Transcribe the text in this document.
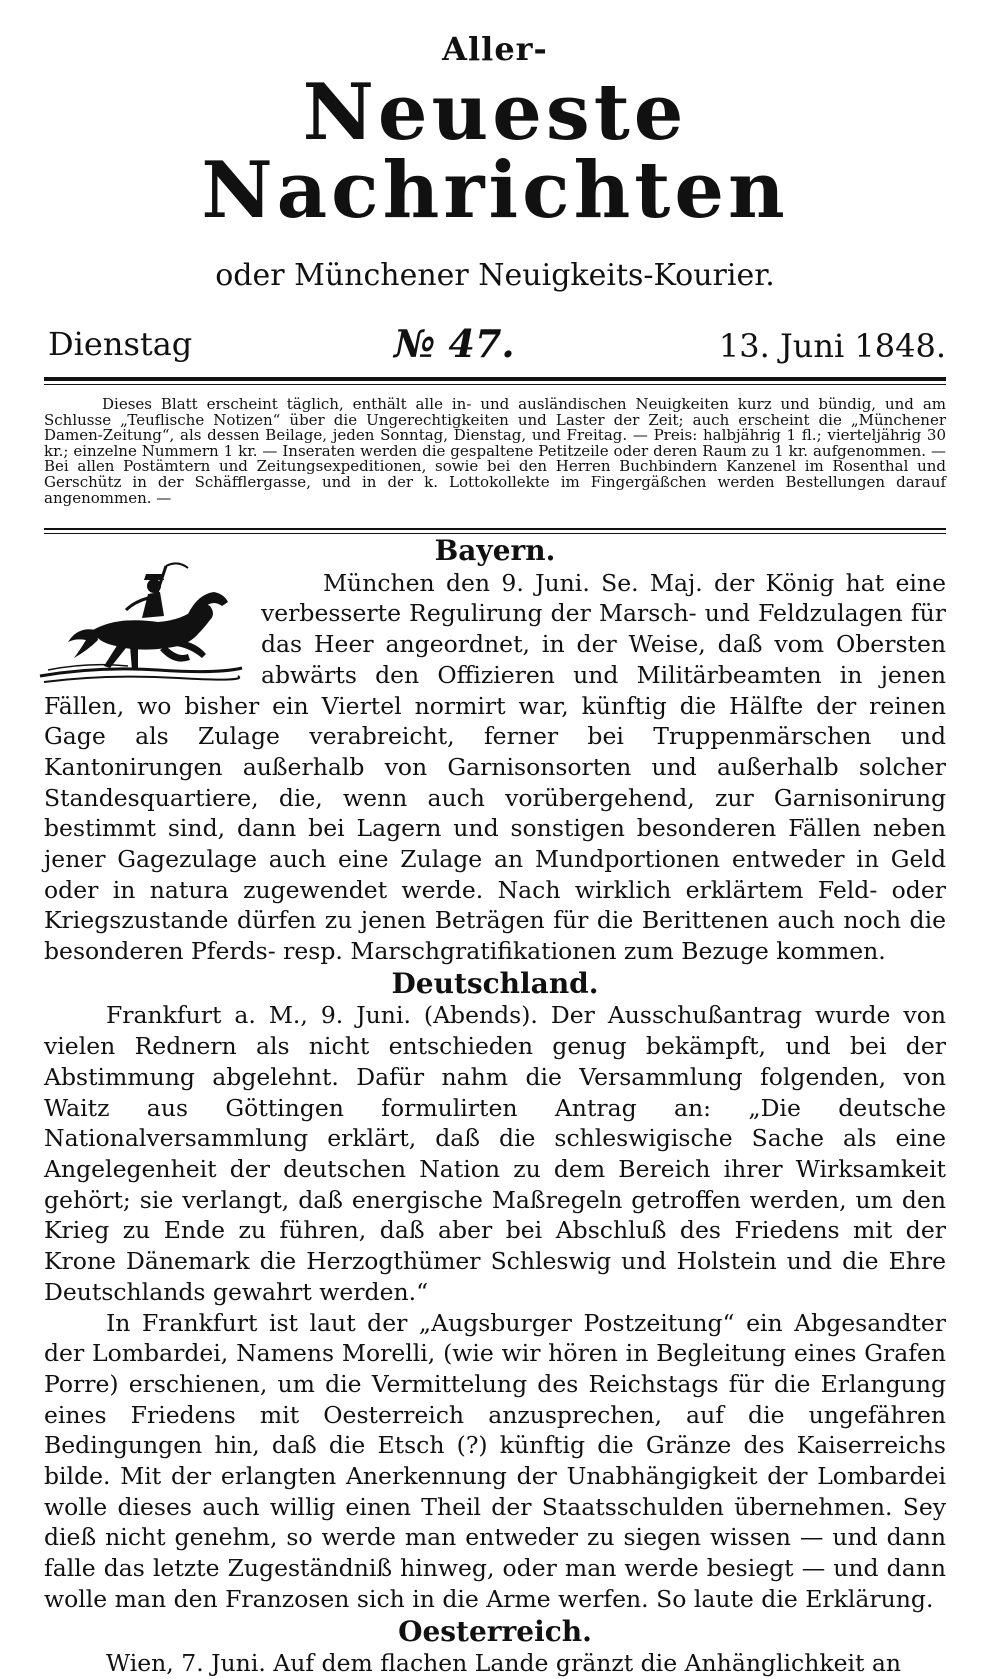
Aller-
Neueste Nachrichten
oder Münchener Neuigkeits-Kourier.
Dienstag	№ 47.	13. Juni 1848.

Dieses Blatt erscheint täglich, enthält alle in- und ausländischen Neuigkeiten kurz und bündig, und am Schlusse „Teuflische Notizen“ über die Ungerechtigkeiten und Laster der Zeit; auch erscheint die „Münchener Damen-Zeitung“, als dessen Beilage, jeden Sonntag, Dienstag, und Freitag. — Preis: halbjährig 1 fl.; vierteljährig 30 kr.; einzelne Nummern 1 kr. — Inseraten werden die gespaltene Petitzeile oder deren Raum zu 1 kr. aufgenommen. — Bei allen Postämtern und Zeitungsexpeditionen, sowie bei den Herren Buchbindern Kanzenel im Rosenthal und Gerschütz in der Schäfflergasse, und in der k. Lottokollekte im Fingergäßchen werden Bestellungen darauf angenommen. —

Bayern.

München den 9. Juni. Se. Maj. der König hat eine verbesserte Regulirung der Marsch- und Feldzulagen für das Heer angeordnet, in der Weise, daß vom Obersten abwärts den Offizieren und Militärbeamten in jenen Fällen, wo bisher ein Viertel normirt war, künftig die Hälfte der reinen Gage als Zulage verabreicht, ferner bei Truppenmärschen und Kantonirungen außerhalb von Garnisonsorten und außerhalb solcher Standesquartiere, die, wenn auch vorübergehend, zur Garnisonirung bestimmt sind, dann bei Lagern und sonstigen besonderen Fällen neben jener Gagezulage auch eine Zulage an Mundportionen entweder in Geld oder in natura zugewendet werde. Nach wirklich erklärtem Feld- oder Kriegszustande dürfen zu jenen Beträgen für die Berittenen auch noch die besonderen Pferds- resp. Marschgratifikationen zum Bezuge kommen.

Deutschland.

Frankfurt a. M., 9. Juni. (Abends). Der Ausschußantrag wurde von vielen Rednern als nicht entschieden genug bekämpft, und bei der Abstimmung abgelehnt. Dafür nahm die Versammlung folgenden, von Waitz aus Göttingen formulirten Antrag an: „Die deutsche Nationalversammlung erklärt, daß die schleswigische Sache als eine Angelegenheit der deutschen Nation zu dem Bereich ihrer Wirksamkeit gehört; sie verlangt, daß energische Maßregeln getroffen werden, um den Krieg zu Ende zu führen, daß aber bei Abschluß des Friedens mit der Krone Dänemark die Herzogthümer Schleswig und Holstein und die Ehre Deutschlands gewahrt werden.“

In Frankfurt ist laut der „Augsburger Postzeitung“ ein Abgesandter der Lombardei, Namens Morelli, (wie wir hören in Begleitung eines Grafen Porre) erschienen, um die Vermittelung des Reichstags für die Erlangung eines Friedens mit Oesterreich anzusprechen, auf die ungefähren Bedingungen hin, daß die Etsch (?) künftig die Gränze des Kaiserreichs bilde. Mit der erlangten Anerkennung der Unabhängigkeit der Lombardei wolle dieses auch willig einen Theil der Staatsschulden übernehmen. Sey dieß nicht genehm, so werde man entweder zu siegen wissen — und dann falle das letzte Zugeständniß hinweg, oder man werde besiegt — und dann wolle man den Franzosen sich in die Arme werfen. So laute die Erklärung.

Oesterreich.

Wien, 7. Juni. Auf dem flachen Lande gränzt die Anhänglichkeit an
